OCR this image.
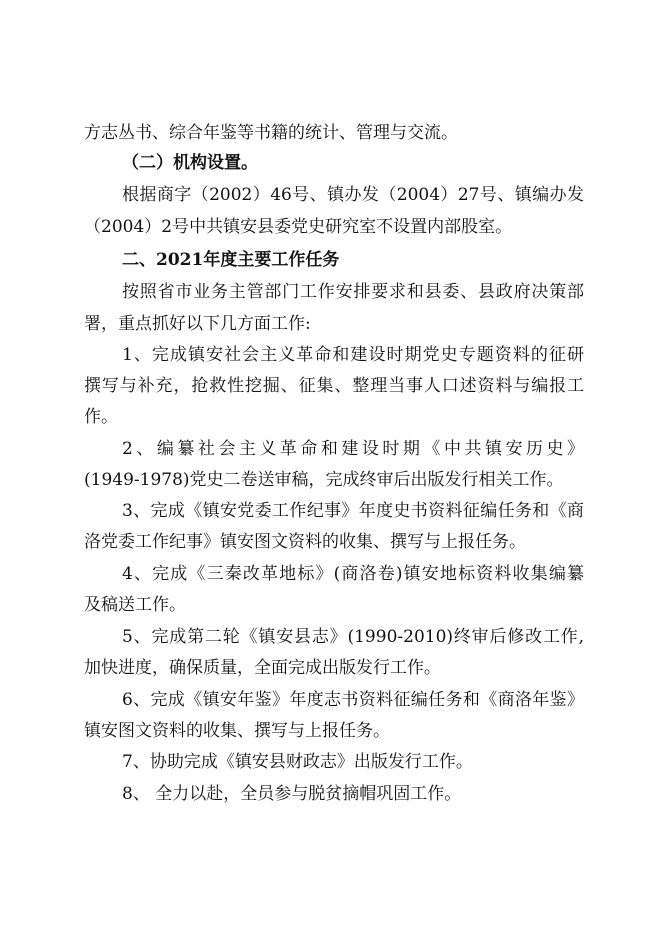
方志丛书、综合年鉴等书籍的统计、管理与交流。
（二）机构设置。
根据商字（2002）46号、镇办发（2004）27号、镇编办发
（2004）2号中共镇安县委党史研究室不设置内部股室。
二、2021年度主要工作任务
按照省市业务主管部门工作安排要求和县委、县政府决策部
署，重点抓好以下几方面工作:
1、完成镇安社会主义革命和建设时期党史专题资料的征研
撰写与补充，抢救性挖掘、征集、整理当事人口述资料与编报工
作。
2、编纂社会主义革命和建设时期《中共镇安历史》
(1949-1978)党史二卷送审稿，完成终审后出版发行相关工作。
3、完成《镇安党委工作纪事》年度史书资料征编任务和《商
洛党委工作纪事》镇安图文资料的收集、撰写与上报任务。
4、完成《三秦改革地标》(商洛卷)镇安地标资料收集编纂
及稿送工作。
5、完成第二轮《镇安县志》(1990-2010)终审后修改工作,
加快进度，确保质量，全面完成出版发行工作。
6、完成《镇安年鉴》年度志书资料征编任务和《商洛年鉴》
镇安图文资料的收集、撰写与上报任务。
7、协助完成《镇安县财政志》出版发行工作。
8、 全力以赴，全员参与脱贫摘帽巩固工作。
